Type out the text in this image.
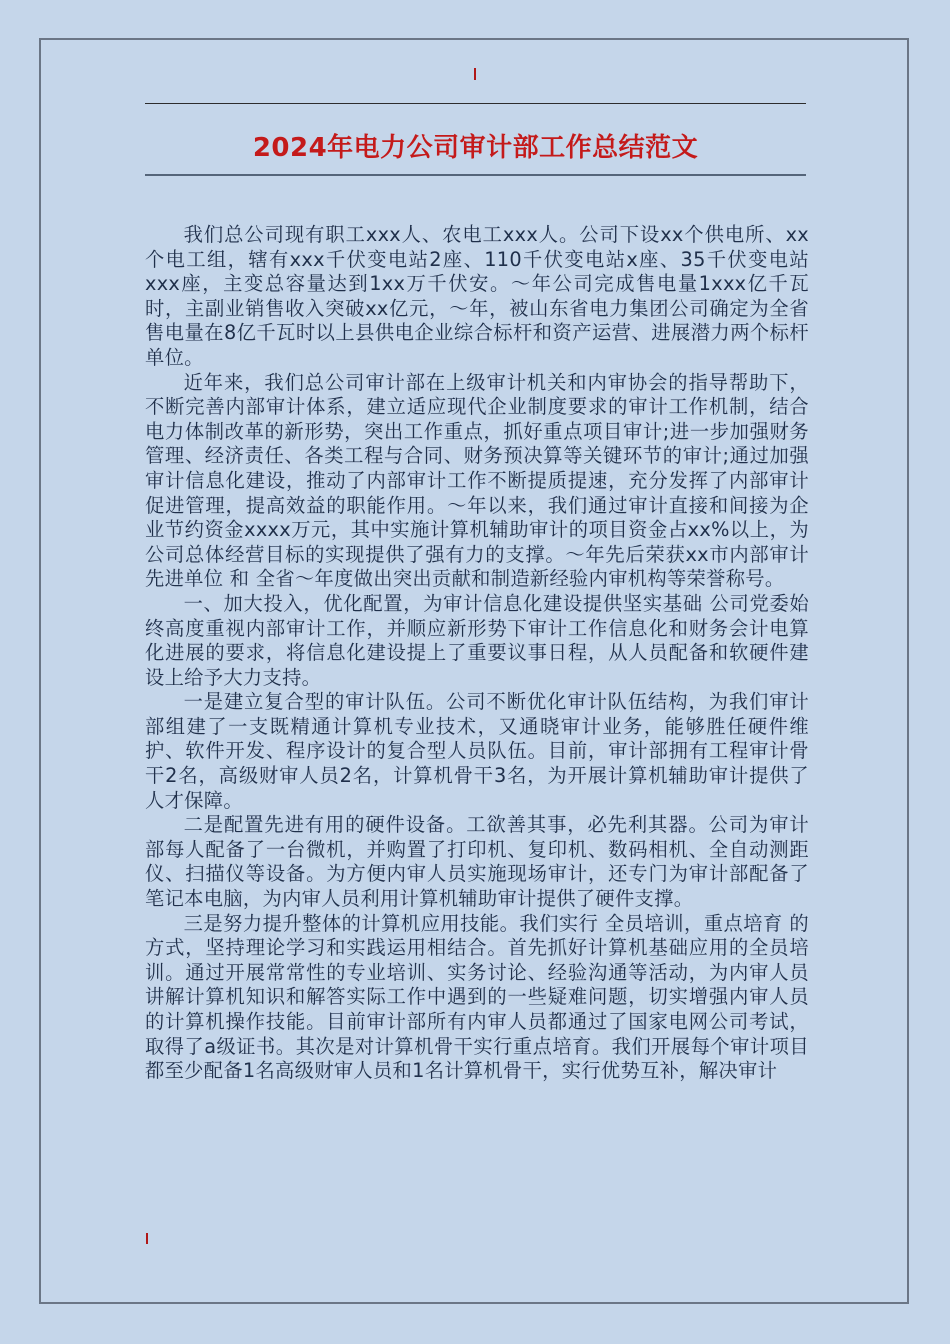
2024年电力公司审计部工作总结范文

我们总公司现有职工xxx人、农电工xxx人。公司下设xx个供电所、xx个电工组，辖有xxx千伏变电站2座、110千伏变电站x座、35千伏变电站xxx座，主变总容量达到1xx万千伏安。～年公司完成售电量1xxx亿千瓦时，主副业销售收入突破xx亿元，～年，被山东省电力集团公司确定为全省售电量在8亿千瓦时以上县供电企业综合标杆和资产运营、进展潜力两个标杆单位。

近年来，我们总公司审计部在上级审计机关和内审协会的指导帮助下，不断完善内部审计体系，建立适应现代企业制度要求的审计工作机制，结合电力体制改革的新形势，突出工作重点，抓好重点项目审计;进一步加强财务管理、经济责任、各类工程与合同、财务预决算等关键环节的审计;通过加强审计信息化建设，推动了内部审计工作不断提质提速，充分发挥了内部审计 促进管理，提高效益的职能作用。～年以来，我们通过审计直接和间接为企业节约资金xxxx万元，其中实施计算机辅助审计的项目资金占xx%以上，为公司总体经营目标的实现提供了强有力的支撑。～年先后荣获xx市内部审计先进单位 和 全省～年度做出突出贡献和制造新经验内审机构等荣誉称号。

一、加大投入，优化配置，为审计信息化建设提供坚实基础 公司党委始终高度重视内部审计工作，并顺应新形势下审计工作信息化和财务会计电算化进展的要求，将信息化建设提上了重要议事日程，从人员配备和软硬件建设上给予大力支持。

一是建立复合型的审计队伍。公司不断优化审计队伍结构，为我们审计部组建了一支既精通计算机专业技术，又通晓审计业务，能够胜任硬件维护、软件开发、程序设计的复合型人员队伍。目前，审计部拥有工程审计骨干2名，高级财审人员2名，计算机骨干3名，为开展计算机辅助审计提供了人才保障。

二是配置先进有用的硬件设备。工欲善其事，必先利其器。公司为审计部每人配备了一台微机，并购置了打印机、复印机、数码相机、全自动测距仪、扫描仪等设备。为方便内审人员实施现场审计，还专门为审计部配备了笔记本电脑，为内审人员利用计算机辅助审计提供了硬件支撑。

三是努力提升整体的计算机应用技能。我们实行 全员培训，重点培育 的方式，坚持理论学习和实践运用相结合。首先抓好计算机基础应用的全员培训。通过开展常常性的专业培训、实务讨论、经验沟通等活动，为内审人员讲解计算机知识和解答实际工作中遇到的一些疑难问题，切实增强内审人员的计算机操作技能。目前审计部所有内审人员都通过了国家电网公司考试，取得了a级证书。其次是对计算机骨干实行重点培育。我们开展每个审计项目都至少配备1名高级财审人员和1名计算机骨干，实行优势互补，解决审计
